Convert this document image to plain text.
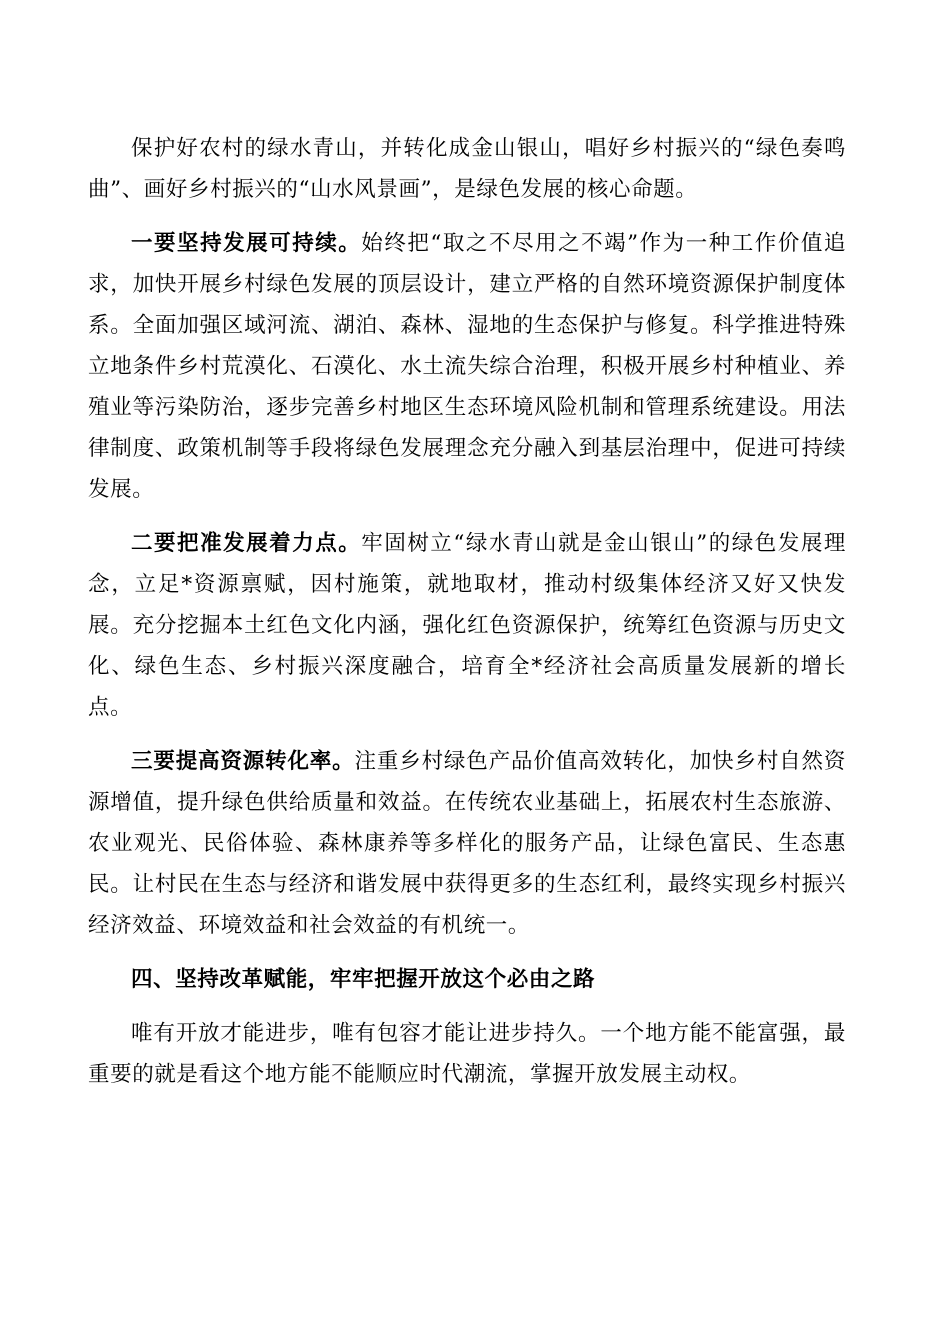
保护好农村的绿水青山，并转化成金山银山，唱好乡村振兴的“绿色奏鸣曲”、画好乡村振兴的“山水风景画”，是绿色发展的核心命题。

一要坚持发展可持续。始终把“取之不尽用之不竭”作为一种工作价值追求，加快开展乡村绿色发展的顶层设计，建立严格的自然环境资源保护制度体系。全面加强区域河流、湖泊、森林、湿地的生态保护与修复。科学推进特殊立地条件乡村荒漠化、石漠化、水土流失综合治理，积极开展乡村种植业、养殖业等污染防治，逐步完善乡村地区生态环境风险机制和管理系统建设。用法律制度、政策机制等手段将绿色发展理念充分融入到基层治理中，促进可持续发展。

二要把准发展着力点。牢固树立“绿水青山就是金山银山”的绿色发展理念，立足*资源禀赋，因村施策，就地取材，推动村级集体经济又好又快发展。充分挖掘本土红色文化内涵，强化红色资源保护，统筹红色资源与历史文化、绿色生态、乡村振兴深度融合，培育全*经济社会高质量发展新的增长点。

三要提高资源转化率。注重乡村绿色产品价值高效转化，加快乡村自然资源增值，提升绿色供给质量和效益。在传统农业基础上，拓展农村生态旅游、农业观光、民俗体验、森林康养等多样化的服务产品，让绿色富民、生态惠民。让村民在生态与经济和谐发展中获得更多的生态红利，最终实现乡村振兴经济效益、环境效益和社会效益的有机统一。

四、坚持改革赋能，牢牢把握开放这个必由之路

唯有开放才能进步，唯有包容才能让进步持久。一个地方能不能富强，最重要的就是看这个地方能不能顺应时代潮流，掌握开放发展主动权。
